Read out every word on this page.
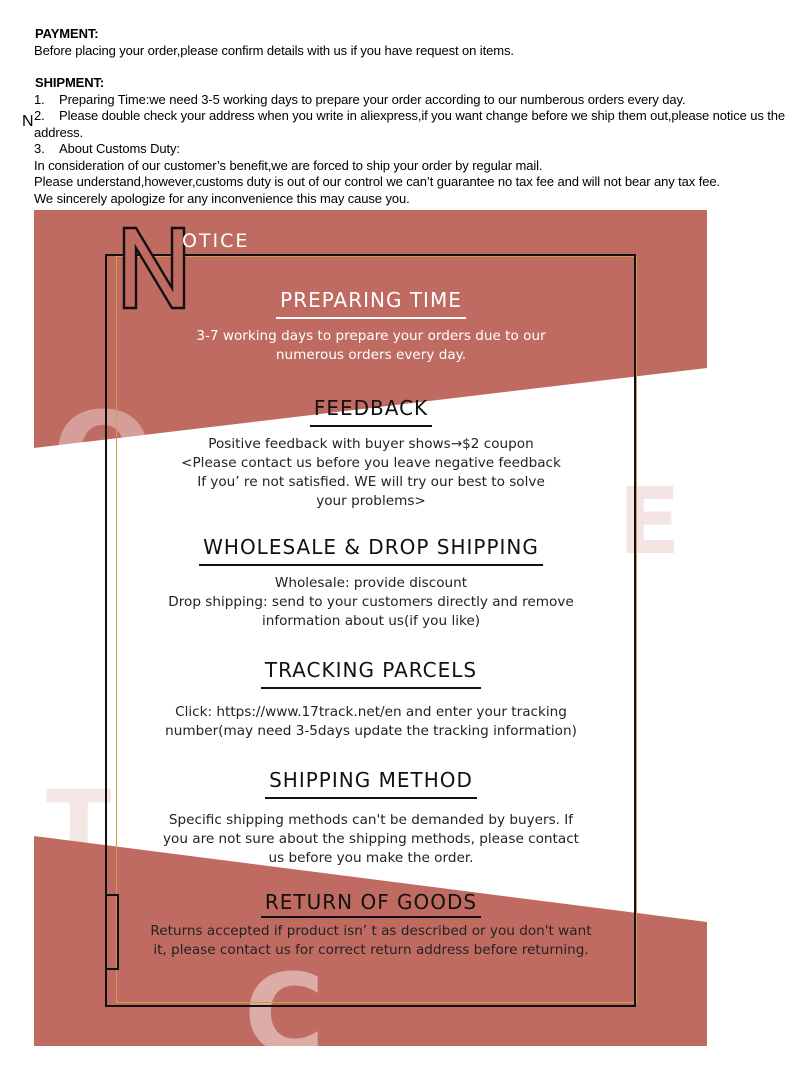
PAYMENT:
Before placing your order,please confirm details with us if you have request on items.
SHIPMENT:
1. Preparing Time:we need 3-5 working days to prepare your order according to our numberous orders every day.
2. Please double check your address when you write in aliexpress,if you want change before we ship them out,please notice us the
address.
3. About Customs Duty:
In consideration of our customer’s benefit,we are forced to ship your order by regular mail.
Please understand,however,customs duty is out of our control we can’t guarantee no tax fee and will not bear any tax fee.
We sincerely apologize for any inconvenience this may cause you.
O	E
T
C
N
OTICE
PREPARING TIME

3-7 working days to prepare your orders due to our
numerous orders every day.

FEEDBACK

Positive feedback with buyer shows→$2 coupon
<Please contact us before you leave negative feedback
If you’ re not satisfied. WE will try our best to solve
your problems>

WHOLESALE & DROP SHIPPING

Wholesale: provide discount
Drop shipping: send to your customers directly and remove
information about us(if you like)

TRACKING PARCELS

Click: https://www.17track.net/en and enter your tracking
number(may need 3-5days update the tracking information)

SHIPPING METHOD

Specific shipping methods can't be demanded by buyers. If
you are not sure about the shipping methods, please contact
us before you make the order.

RETURN OF GOODS

Returns accepted if product isn’ t as described or you don't want
it, please contact us for correct return address before returning.
